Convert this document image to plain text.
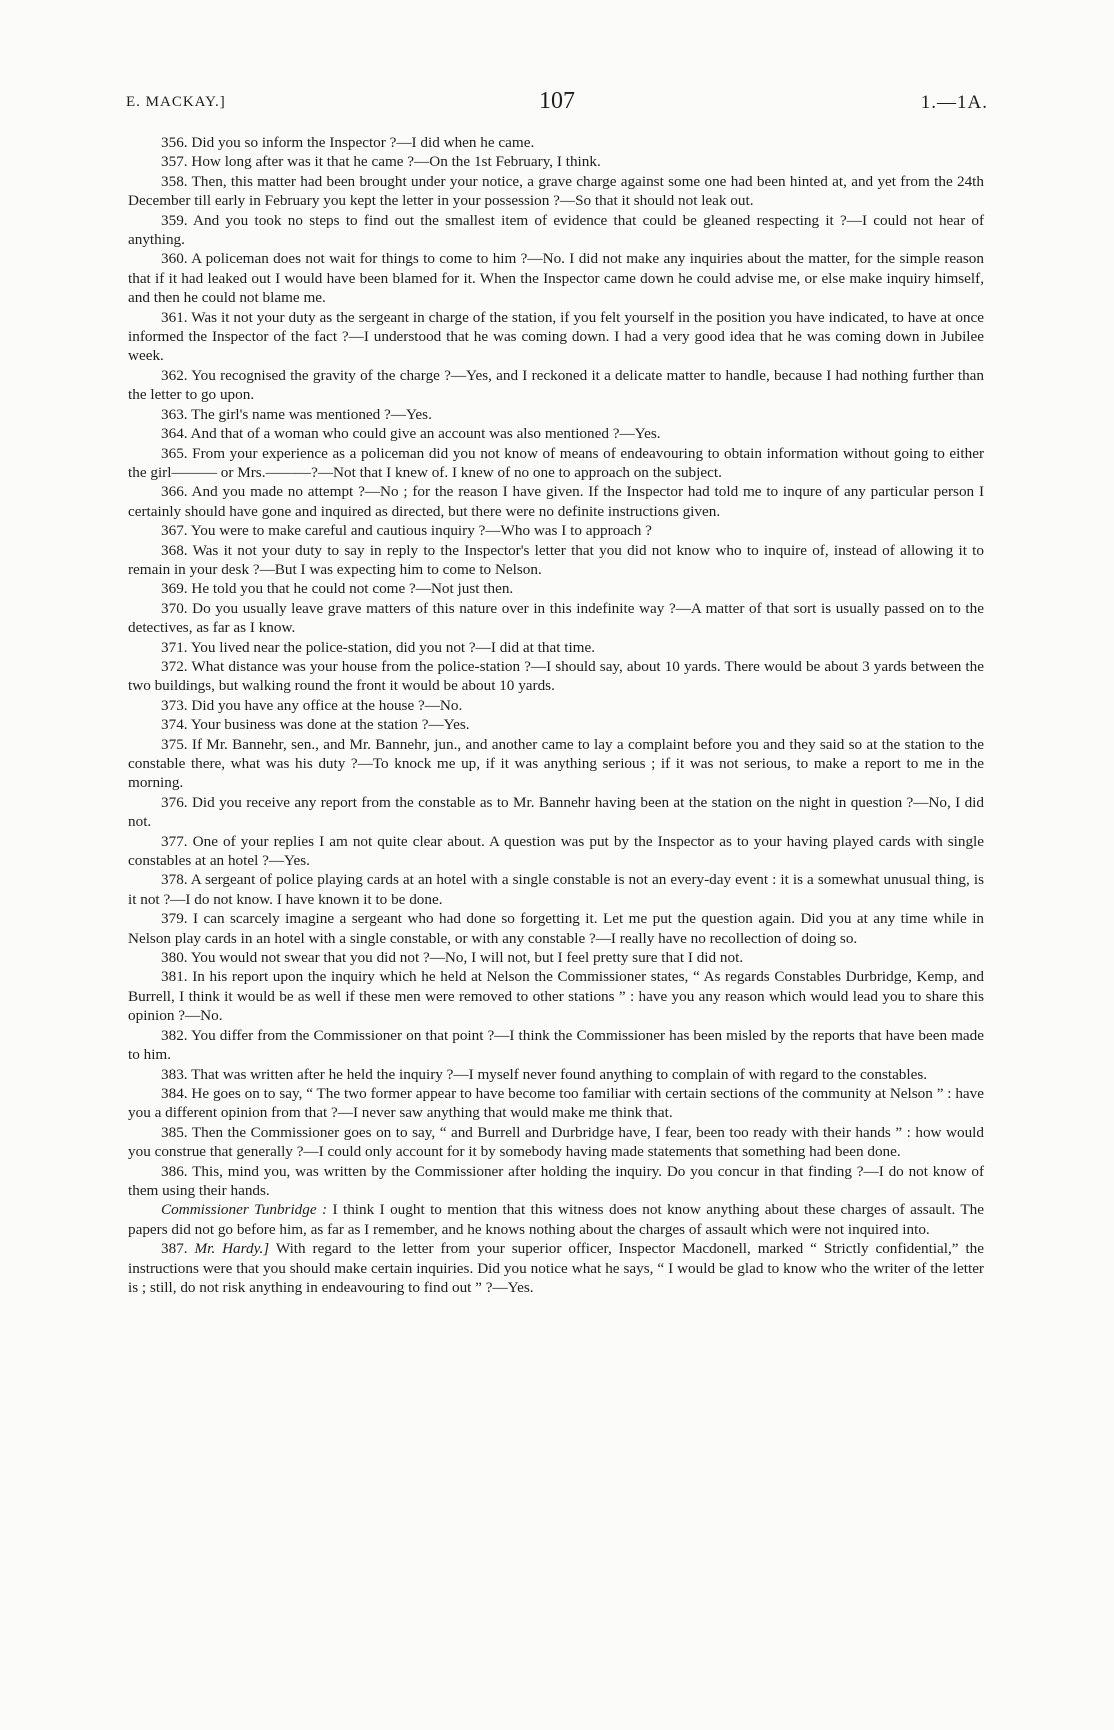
E. MACKAY.]	107	1.—1A.

356. Did you so inform the Inspector ?—I did when he came.

357. How long after was it that he came ?—On the 1st February, I think.

358. Then, this matter had been brought under your notice, a grave charge against some one had been hinted at, and yet from the 24th December till early in February you kept the letter in your possession ?—So that it should not leak out.

359. And you took no steps to find out the smallest item of evidence that could be gleaned respecting it ?—I could not hear of anything.

360. A policeman does not wait for things to come to him ?—No. I did not make any inquiries about the matter, for the simple reason that if it had leaked out I would have been blamed for it. When the Inspector came down he could advise me, or else make inquiry himself, and then he could not blame me.

361. Was it not your duty as the sergeant in charge of the station, if you felt yourself in the position you have indicated, to have at once informed the Inspector of the fact ?—I understood that he was coming down. I had a very good idea that he was coming down in Jubilee week.

362. You recognised the gravity of the charge ?—Yes, and I reckoned it a delicate matter to handle, because I had nothing further than the letter to go upon.

363. The girl's name was mentioned ?—Yes.

364. And that of a woman who could give an account was also mentioned ?—Yes.

365. From your experience as a policeman did you not know of means of endeavouring to obtain information without going to either the girl——— or Mrs.———?—Not that I knew of. I knew of no one to approach on the subject.

366. And you made no attempt ?—No ; for the reason I have given. If the Inspector had told me to inqure of any particular person I certainly should have gone and inquired as directed, but there were no definite instructions given.

367. You were to make careful and cautious inquiry ?—Who was I to approach ?

368. Was it not your duty to say in reply to the Inspector's letter that you did not know who to inquire of, instead of allowing it to remain in your desk ?—But I was expecting him to come to Nelson.

369. He told you that he could not come ?—Not just then.

370. Do you usually leave grave matters of this nature over in this indefinite way ?—A matter of that sort is usually passed on to the detectives, as far as I know.

371. You lived near the police-station, did you not ?—I did at that time.

372. What distance was your house from the police-station ?—I should say, about 10 yards. There would be about 3 yards between the two buildings, but walking round the front it would be about 10 yards.

373. Did you have any office at the house ?—No.

374. Your business was done at the station ?—Yes.

375. If Mr. Bannehr, sen., and Mr. Bannehr, jun., and another came to lay a complaint before you and they said so at the station to the constable there, what was his duty ?—To knock me up, if it was anything serious ; if it was not serious, to make a report to me in the morning.

376. Did you receive any report from the constable as to Mr. Bannehr having been at the station on the night in question ?—No, I did not.

377. One of your replies I am not quite clear about. A question was put by the Inspector as to your having played cards with single constables at an hotel ?—Yes.

378. A sergeant of police playing cards at an hotel with a single constable is not an every-day event : it is a somewhat unusual thing, is it not ?—I do not know. I have known it to be done.

379. I can scarcely imagine a sergeant who had done so forgetting it. Let me put the question again. Did you at any time while in Nelson play cards in an hotel with a single constable, or with any constable ?—I really have no recollection of doing so.

380. You would not swear that you did not ?—No, I will not, but I feel pretty sure that I did not.

381. In his report upon the inquiry which he held at Nelson the Commissioner states, “ As regards Constables Durbridge, Kemp, and Burrell, I think it would be as well if these men were removed to other stations ” : have you any reason which would lead you to share this opinion ?—No.

382. You differ from the Commissioner on that point ?—I think the Commissioner has been misled by the reports that have been made to him.

383. That was written after he held the inquiry ?—I myself never found anything to complain of with regard to the constables.

384. He goes on to say, “ The two former appear to have become too familiar with certain sections of the community at Nelson ” : have you a different opinion from that ?—I never saw anything that would make me think that.

385. Then the Commissioner goes on to say, “ and Burrell and Durbridge have, I fear, been too ready with their hands ” : how would you construe that generally ?—I could only account for it by somebody having made statements that something had been done.

386. This, mind you, was written by the Commissioner after holding the inquiry. Do you concur in that finding ?—I do not know of them using their hands.

Commissioner Tunbridge : I think I ought to mention that this witness does not know anything about these charges of assault. The papers did not go before him, as far as I remember, and he knows nothing about the charges of assault which were not inquired into.

387. Mr. Hardy.] With regard to the letter from your superior officer, Inspector Macdonell, marked “ Strictly confidential,” the instructions were that you should make certain inquiries. Did you notice what he says, “ I would be glad to know who the writer of the letter is ; still, do not risk anything in endeavouring to find out ” ?—Yes.
